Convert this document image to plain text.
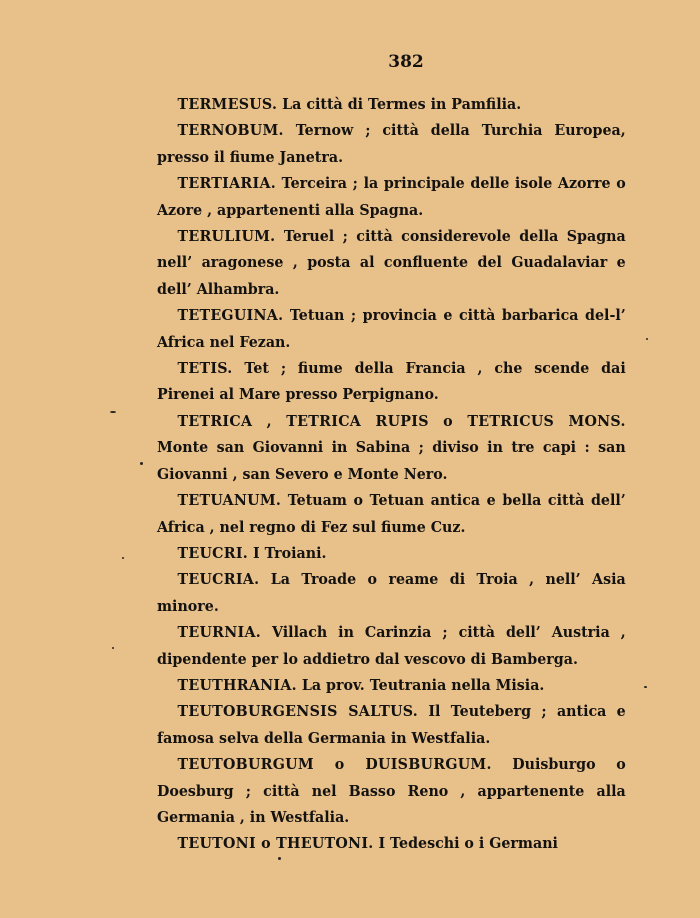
382

TERMESUS. La città di Termes in Pamfilia.

TERNOBUM. Ternow ; città della Turchia Europea, presso il fiume Janetra.

TERTIARIA. Terceira ; la principale delle isole Azorre o Azore , appartenenti alla Spagna.

TERULIUM. Teruel ; città considerevole della Spagna nell’ aragonese , posta al confluente del Guadalaviar e dell’ Alhambra.

TETEGUINA. Tetuan ; provincia e città barbarica del-l’ Africa nel Fezan.

TETIS. Tet ; fiume della Francia , che scende dai Pirenei al Mare presso Perpignano.

TETRICA , TETRICA RUPIS o TETRICUS MONS. Monte san Giovanni in Sabina ; diviso in tre capi : san Giovanni , san Severo e Monte Nero.

TETUANUM. Tetuam o Tetuan antica e bella città dell’ Africa , nel regno di Fez sul fiume Cuz.

TEUCRI. I Troiani.

TEUCRIA. La Troade o reame di Troia , nell’ Asia minore.

TEURNIA. Villach in Carinzia ; città dell’ Austria , dipendente per lo addietro dal vescovo di Bamberga.

TEUTHRANIA. La prov. Teutrania nella Misia.

TEUTOBURGENSIS SALTUS. Il Teuteberg ; antica e famosa selva della Germania in Westfalia.

TEUTOBURGUM o DUISBURGUM. Duisburgo o Doesburg ; città nel Basso Reno , appartenente alla Germania , in Westfalia.

TEUTONI o THEUTONI. I Tedeschi o i Germani
